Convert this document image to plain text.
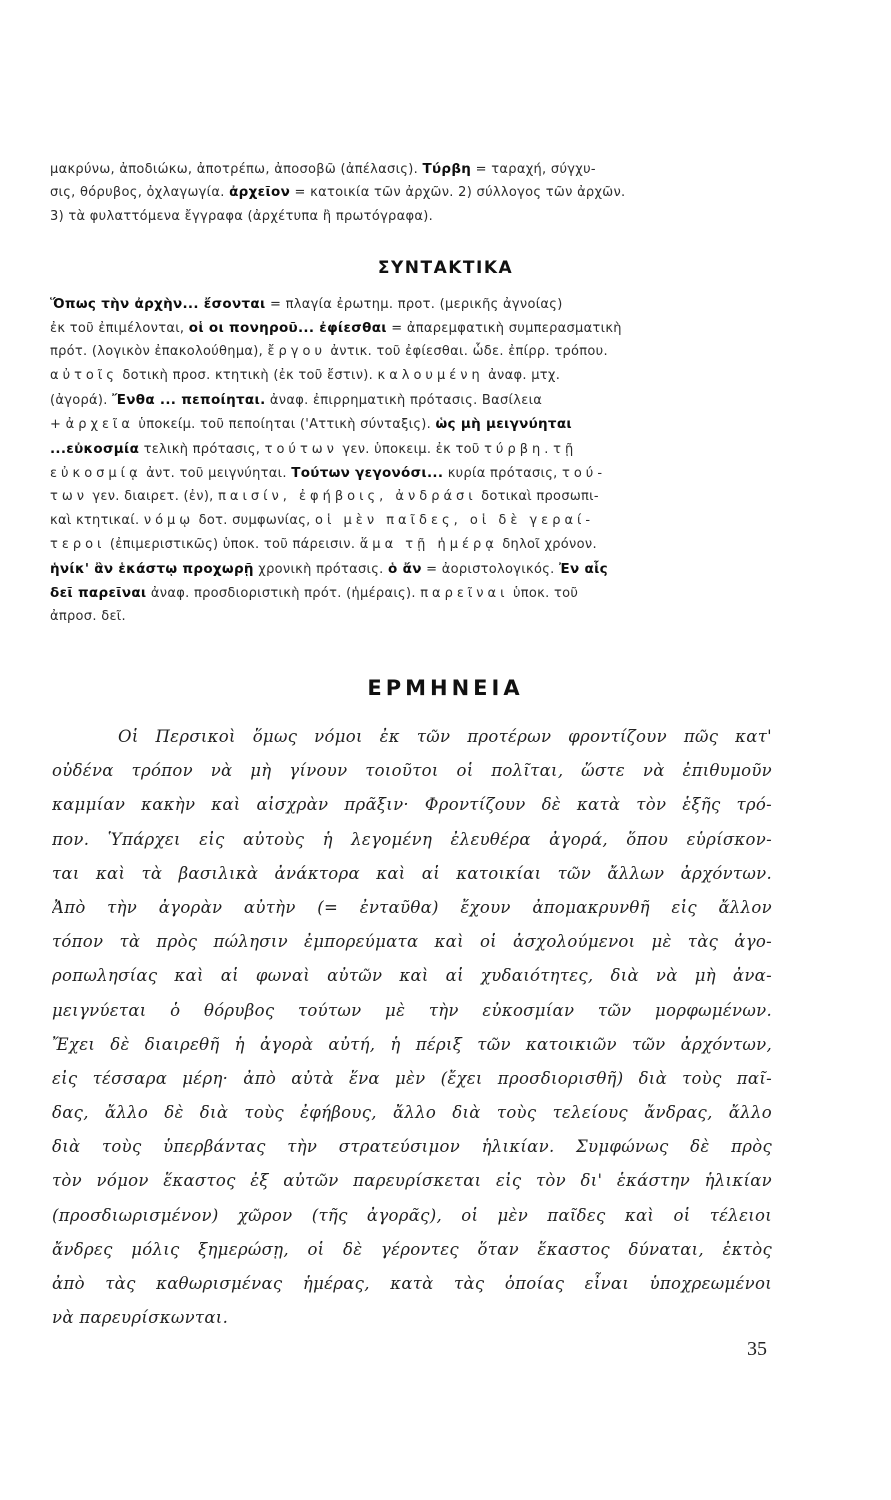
μακρύνω, ἀποδιώκω, ἀποτρέπω, ἀποσοβῶ (ἀπέλασις). Τύρβη = ταραχή, σύγχυ-
σις, θόρυβος, ὀχλαγωγία. ἀρχεῖον = κατοικία τῶν ἀρχῶν. 2) σύλλογος τῶν ἀρχῶν.
3) τὰ φυλαττόμενα ἔγγραφα (ἀρχέτυπα ἢ πρωτόγραφα).
ΣΥΝΤΑΚΤΙΚΑ
Ὅπως τὴν ἀρχὴν... ἔσονται = πλαγία ἐρωτημ. προτ. (μερικῆς ἀγνοίας)
ἐκ τοῦ ἐπιμέλονται, οἱ οι πονηροῦ... ἐφίεσθαι = ἀπαρεμφατικὴ συμπερασματικὴ
πρότ. (λογικὸν ἐπακολούθημα), ἔργου ἀντικ. τοῦ ἐφίεσθαι. ὧδε. ἐπίρρ. τρόπου.
αὐτοῖς δοτικὴ προσ. κτητικὴ (ἐκ τοῦ ἔστιν). καλουμένη ἀναφ. μτχ.
(ἀγορά). Ἔνθα ... πεποίηται. ἀναφ. ἐπιρρηματικὴ πρότασις. Βασίλεια
+ ἀρχεῖα ὑποκείμ. τοῦ πεποίηται ('Αττικὴ σύνταξις). ὡς μὴ μειγνύηται
...εὐκοσμία τελικὴ πρότασις, τούτων γεν. ὑποκειμ. ἐκ τοῦ τύρβη. τῇ
εὐκοσμίᾳ ἀντ. τοῦ μειγνύηται. Τούτων γεγονόσι... κυρία πρότασις, τού-
των γεν. διαιρετ. (ἐν), παισίν, ἐφήβοις, ἀνδράσι δοτικαὶ προσωπι-
καὶ κτητικαί. νόμῳ δοτ. συμφωνίας, οἱ μὲν παῖδες, οἱ δὲ γεραί-
τεροι (ἐπιμεριστικῶς) ὑποκ. τοῦ πάρεισιν. ἅμα τῇ ἡμέρᾳ δηλοῖ χρόνον.
ἡνίκ' ἂν ἑκάστῳ προχωρῇ χρονικὴ πρότασις. ὁ ἄν = ἀοριστολογικός. Ἐν αἷς
δεῖ παρεῖναι ἀναφ. προσδιοριστικὴ πρότ. (ἡμέραις). παρεῖναι ὑποκ. τοῦ
ἀπροσ. δεῖ.
ΕΡΜΗΝΕΙΑ
Οἱ Περσικοὶ ὅμως νόμοι ἐκ τῶν προτέρων φροντίζουν πῶς κατ'
οὐδένα τρόπον νὰ μὴ γίνουν τοιοῦτοι οἱ πολῖται, ὥστε νὰ ἐπιθυμοῦν
καμμίαν κακὴν καὶ αἰσχρὰν πρᾶξιν· Φροντίζουν δὲ κατὰ τὸν ἑξῆς τρό-
πον. Ὑπάρχει εἰς αὐτοὺς ἡ λεγομένη ἐλευθέρα ἀγορά, ὅπου εὑρίσκον-
ται καὶ τὰ βασιλικὰ ἀνάκτορα καὶ αἱ κατοικίαι τῶν ἄλλων ἀρχόντων.
Ἀπὸ τὴν ἀγορὰν αὐτὴν (= ἐνταῦθα) ἔχουν ἀπομακρυνθῆ εἰς ἄλλον
τόπον τὰ πρὸς πώλησιν ἐμπορεύματα καὶ οἱ ἀσχολούμενοι μὲ τὰς ἀγο-
ροπωλησίας καὶ αἱ φωναὶ αὐτῶν καὶ αἱ χυδαιότητες, διὰ νὰ μὴ ἀνα-
μειγνύεται ὁ θόρυβος τούτων μὲ τὴν εὐκοσμίαν τῶν μορφωμένων.
Ἔχει δὲ διαιρεθῆ ἡ ἀγορὰ αὐτή, ἡ πέριξ τῶν κατοικιῶν τῶν ἀρχόντων,
εἰς τέσσαρα μέρη· ἀπὸ αὐτὰ ἕνα μὲν (ἔχει προσδιορισθῆ) διὰ τοὺς παῖ-
δας, ἄλλο δὲ διὰ τοὺς ἐφήβους, ἄλλο διὰ τοὺς τελείους ἄνδρας, ἄλλο
διὰ τοὺς ὑπερβάντας τὴν στρατεύσιμον ἡλικίαν. Συμφώνως δὲ πρὸς
τὸν νόμον ἕκαστος ἐξ αὐτῶν παρευρίσκεται εἰς τὸν δι' ἑκάστην ἡλικίαν
(προσδιωρισμένον) χῶρον (τῆς ἀγορᾶς), οἱ μὲν παῖδες καὶ οἱ τέλειοι
ἄνδρες μόλις ξημερώσῃ, οἱ δὲ γέροντες ὅταν ἕκαστος δύναται, ἐκτὸς
ἀπὸ τὰς καθωρισμένας ἡμέρας, κατὰ τὰς ὁποίας εἶναι ὑποχρεωμένοι
νὰ παρευρίσκωνται.
35
